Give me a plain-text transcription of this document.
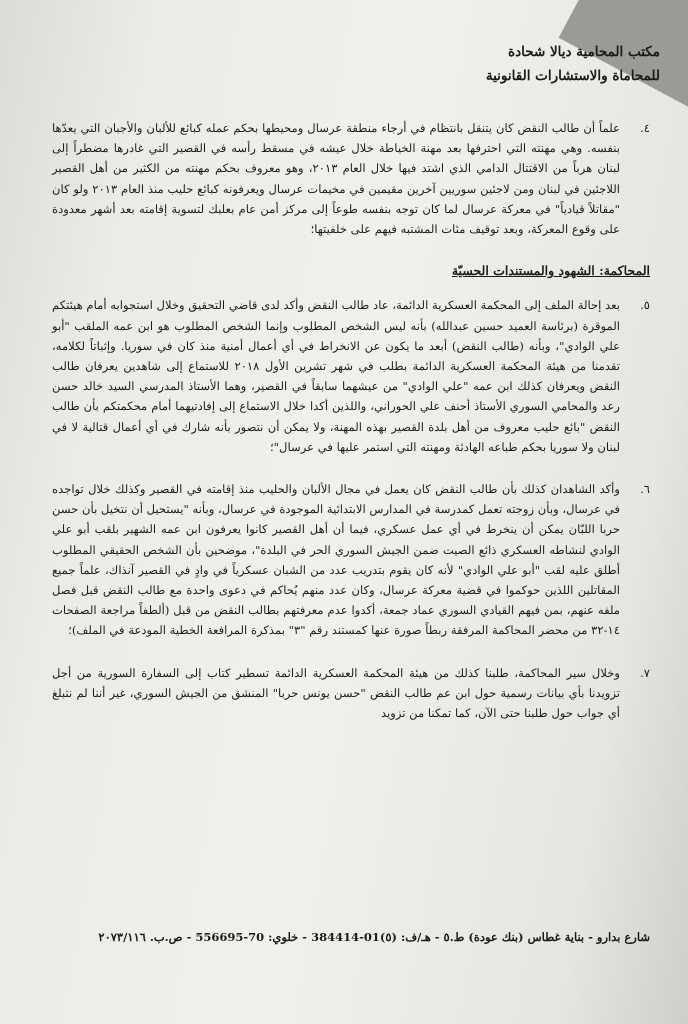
مكتب المحامية ديالا شحادة
للمحاماة والاستشارات القانونية
٤.
علماً أن طالب النقض كان يتنقل بانتظام في أرجاء منطقة عرسال ومحيطها بحكم عمله كبائع للألبان والأجبان التي يعدّها بنفسه. وهي مهنته التي احترفها بعد مهنة الخياطة خلال عيشه في مسقط رأسه في القصير التي غادرها مضطراً إلى لبنان هرباً من الاقتتال الدامي الذي اشتد فيها خلال العام ٢٠١٣، وهو معروف بحكم مهنته من الكثير من أهل القصير اللاجئين في لبنان ومن لاجئين سوريين آخرين مقيمين في مخيمات عرسال ويعرفونه كبائع حليب منذ العام ٢٠١٣ ولو كان "مقاتلاً قيادياً" في معركة عرسال لما كان توجه بنفسه طوعاً إلى مركز أمن عام بعلبك لتسوية إقامته بعد أشهر معدودة على وقوع المعركة، وبعد توقيف مئات المشتبه فيهم على خلفيتها؛
المحاكمة: الشهود والمستندات الحسيّة
٥.
بعد إحالة الملف إلى المحكمة العسكرية الدائمة، عاد طالب النقض وأكد لدى قاضي التحقيق وخلال استجوابه أمام هيئتكم الموقرة (برئاسة العميد حسين عبدالله) بأنه ليس الشخص المطلوب وإنما الشخص المطلوب هو ابن عمه الملقب "أبو علي الوادي"، وبأنه (طالب النقض) أبعد ما يكون عن الانخراط في أي أعمال أمنية منذ كان في سوريا. وإثباتاً لكلامه، تقدمنا من هيئة المحكمة العسكرية الدائمة بطلب في شهر تشرين الأول ٢٠١٨ للاستماع إلى شاهدين يعرفان طالب النقض ويعرفان كذلك ابن عمه "علي الوادي" من عيشهما سابقاً في القصير، وهما الأستاذ المدرسي السيد خالد حسن رعد والمحامي السوري الأستاذ أحنف علي الحوراني، واللذين أكدا خلال الاستماع إلى إفادتيهما أمام محكمتكم بأن طالب النقض "بائع حليب معروف من أهل بلدة القصير بهذه المهنة، ولا يمكن أن نتصور بأنه شارك في أي أعمال قتالية لا في لبنان ولا سوريا بحكم طباعه الهادئة ومهنته التي استمر عليها في عرسال"؛
٦.
وأكد الشاهدان كذلك بأن طالب النقض كان يعمل في مجال الألبان والحليب منذ إقامته في القصير وكذلك خلال تواجده في عرسال، وبأن زوجته تعمل كمدرسة في المدارس الابتدائية الموجودة في عرسال، وبأنه "يستحيل أن نتخيل بأن حسن حربا اللبّان يمكن أن ينخرط في أي عمل عسكري، فيما أن أهل القصير كانوا يعرفون ابن عمه الشهير بلقب أبو علي الوادي لنشاطه العسكري ذائع الصيت ضمن الجيش السوري الحر في البلدة"، موضحين بأن الشخص الحقيقي المطلوب أطلق عليه لقب "أبو علي الوادي" لأنه كان يقوم بتدريب عدد من الشبان عسكرياً في وادٍ في القصير آنذاك، علماً جميع المقاتلين اللذين حوكموا في قضية معركة عرسال، وكان عدد منهم يُحاكم في دعوى واحدة مع طالب النقض قبل فصل ملفه عنهم، بمن فيهم القيادي السوري عماد جمعة، أكدوا عدم معرفتهم بطالب النقض من قبل (ألطفاً مراجعة الصفحات ١٤-٣٢ من محضر المحاكمة المرفقة ربطاً صورة عنها كمستند رقم "٣" بمذكرة المرافعة الخطية المودعة في الملف)؛
٧.
وخلال سير المحاكمة، طلبنا كذلك من هيئة المحكمة العسكرية الدائمة تسطير كتاب إلى السفارة السورية من أجل تزويدنا بأي بيانات رسمية حول ابن عم طالب النقض "حسن يونس حربا" المنشق من الجيش السوري، غير أننا لم نتبلغ أي جواب حول طلبنا حتى الآن، كما تمكنا من تزويد
شارع بدارو - بناية غطاس (بنك عودة) ط.٥ - هـ/ف: (٥)01-384414 - خلوي: 70-556695 - ص.ب. ٢٠٧٣/١١٦
